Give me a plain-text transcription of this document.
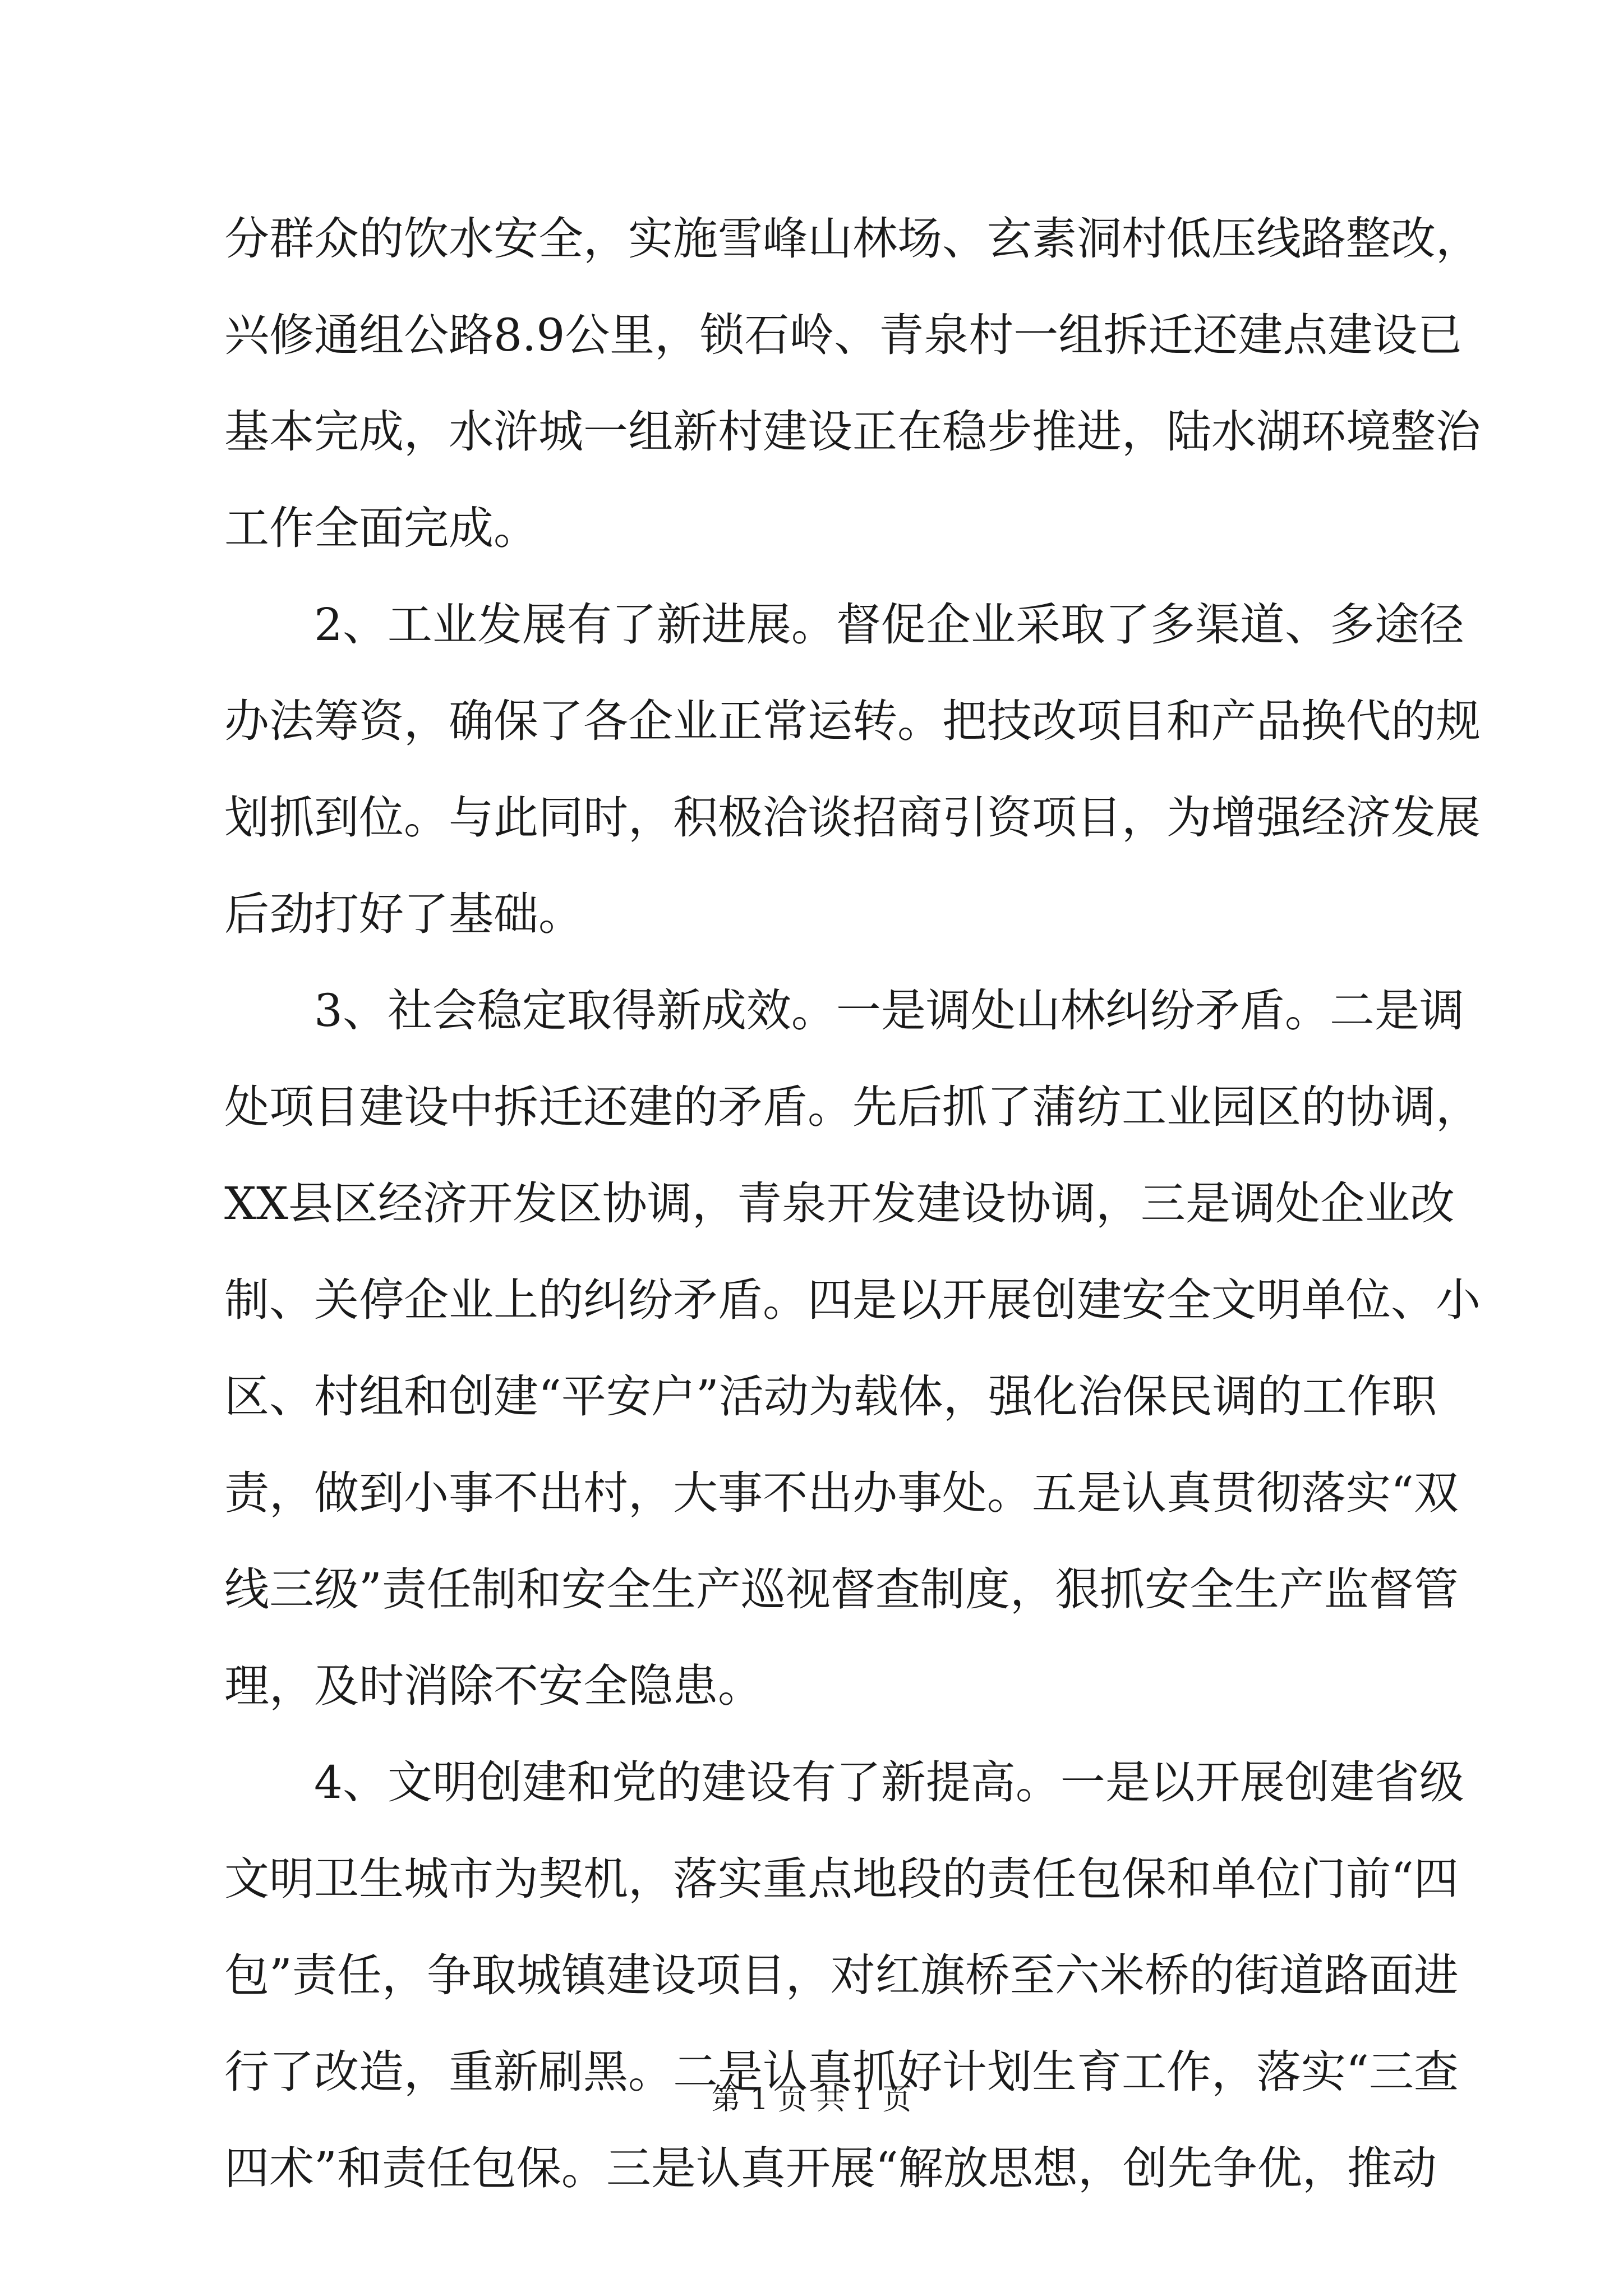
分 群 众 的 饮 水 安 全 ， 实 施 雪 峰 山 林 场 、 玄 素 洞 村 低 压 线 路 整 改 ，
兴 修 通 组 公 路 8.9 公 里 ， 锁 石 岭 、 青 泉 村 一 组 拆 迁 还 建 点 建 设 已
基 本 完 成 ， 水 浒 城 一 组 新 村 建 设 正 在 稳 步 推 进 ， 陆 水 湖 环 境 整 治
工作全面完成。
2 、 工 业 发 展 有 了 新 进 展 。 督 促 企 业 采 取 了 多 渠 道 、 多 途 径
办 法 筹 资 ， 确 保 了 各 企 业 正 常 运 转 。 把 技 改 项 目 和 产 品 换 代 的 规
划 抓 到 位 。 与 此 同 时 ， 积 极 洽 谈 招 商 引 资 项 目 ， 为 增 强 经 济 发 展
后劲打好了基础。
3 、 社 会 稳 定 取 得 新 成 效 。 一 是 调 处 山 林 纠 纷 矛 盾 。 二 是 调
处 项 目 建 设 中 拆 迁 还 建 的 矛 盾 。 先 后 抓 了 蒲 纺 工 业 园 区 的 协 调 ，
XX 县 区 经 济 开 发 区 协 调 ， 青 泉 开 发 建 设 协 调 ， 三 是 调 处 企 业 改
制 、 关 停 企 业 上 的 纠 纷 矛 盾 。 四 是 以 开 展 创 建 安 全 文 明 单 位 、 小
区 、 村 组 和 创 建 “ 平 安 户 ” 活 动 为 载 体 ， 强 化 治 保 民 调 的 工 作 职
责 ， 做 到 小 事 不 出 村 ， 大 事 不 出 办 事 处 。 五 是 认 真 贯 彻 落 实 “ 双
线 三 级 ” 责 任 制 和 安 全 生 产 巡 视 督 查 制 度 ， 狠 抓 安 全 生 产 监 督 管
理，及时消除不安全隐患。
4 、 文 明 创 建 和 党 的 建 设 有 了 新 提 高 。 一 是 以 开 展 创 建 省 级
文 明 卫 生 城 市 为 契 机 ， 落 实 重 点 地 段 的 责 任 包 保 和 单 位 门 前 “ 四
包 ” 责 任 ， 争 取 城 镇 建 设 项 目 ， 对 红 旗 桥 至 六 米 桥 的 街 道 路 面 进
行 了 改 造 ， 重 新 刷 黑 。 二 是 认 真 抓 好 计 划 生 育 工 作 ， 落 实 “ 三 查
四 术 ” 和 责 任 包 保 。 三 是 认 真 开 展 “ 解 放 思 想 ， 创 先 争 优 ， 推 动
第 1 页 共 1 页
